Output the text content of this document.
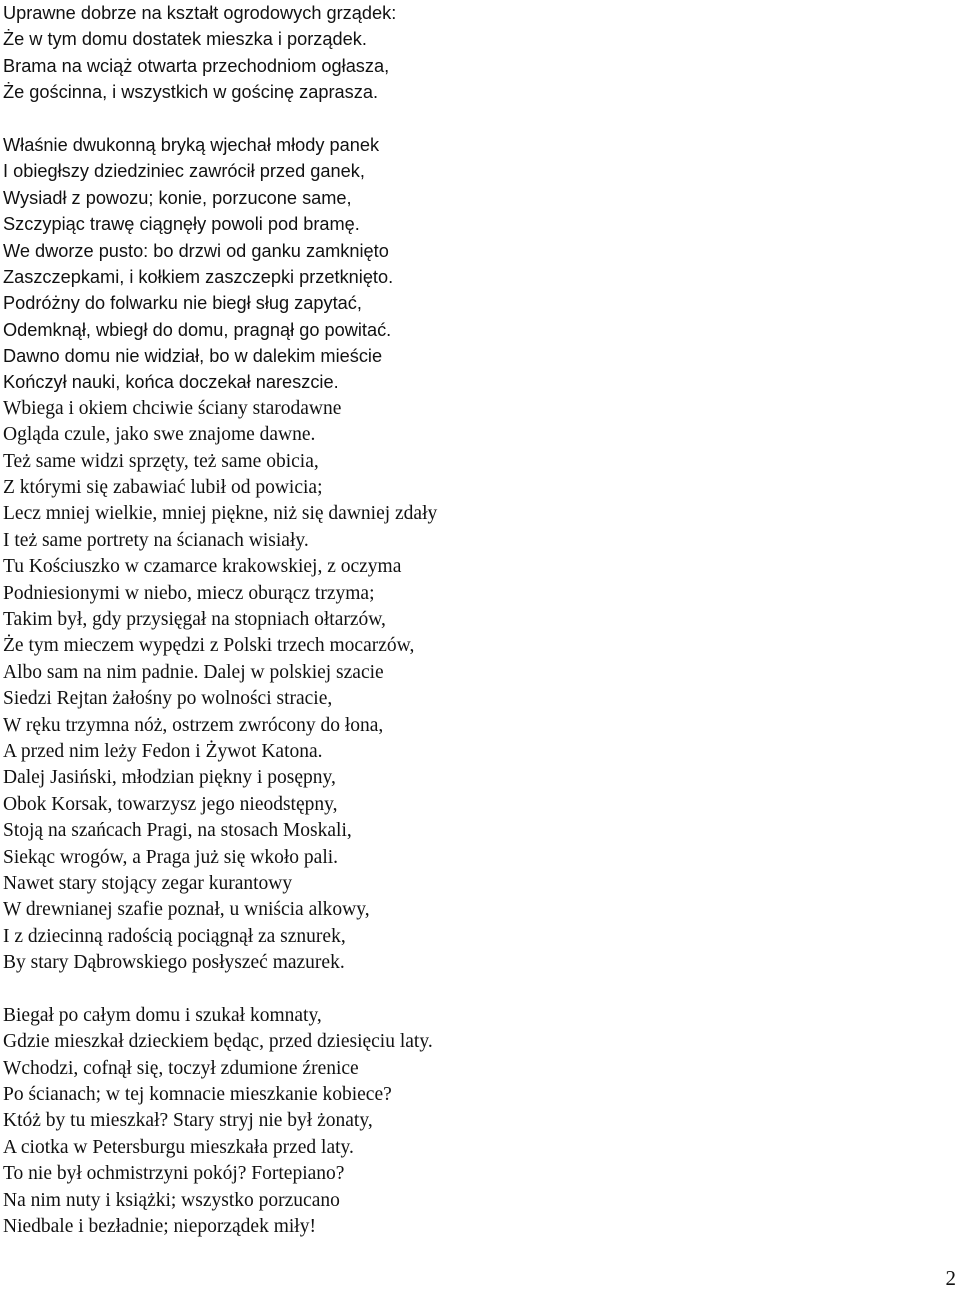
Uprawne dobrze na kształt ogrodowych grządek:
Że w tym domu dostatek mieszka i porządek.
Brama na wciąż otwarta przechodniom ogłasza,
Że gościnna, i wszystkich w gościnę zaprasza.
Właśnie dwukonną bryką wjechał młody panek
I obiegłszy dziedziniec zawrócił przed ganek,
Wysiadł z powozu; konie, porzucone same,
Szczypiąc trawę ciągnęły powoli pod bramę.
We dworze pusto: bo drzwi od ganku zamknięto
Zaszczepkami, i kołkiem zaszczepki przetknięto.
Podróżny do folwarku nie biegł sług zapytać,
Odemknął, wbiegł do domu, pragnął go powitać.
Dawno domu nie widział, bo w dalekim mieście
Kończył nauki, końca doczekał nareszcie.
Wbiega i okiem chciwie ściany starodawne
Ogląda czule, jako swe znajome dawne.
Też same widzi sprzęty, też same obicia,
Z którymi się zabawiać lubił od powicia;
Lecz mniej wielkie, mniej piękne, niż się dawniej zdały
I też same portrety na ścianach wisiały.
Tu Kościuszko w czamarce krakowskiej, z oczyma
Podniesionymi w niebo, miecz oburącz trzyma;
Takim był, gdy przysięgał na stopniach ołtarzów,
Że tym mieczem wypędzi z Polski trzech mocarzów,
Albo sam na nim padnie. Dalej w polskiej szacie
Siedzi Rejtan żałośny po wolności stracie,
W ręku trzymna nóż, ostrzem zwrócony do łona,
A przed nim leży Fedon i Żywot Katona.
Dalej Jasiński, młodzian piękny i posępny,
Obok Korsak, towarzysz jego nieodstępny,
Stoją na szańcach Pragi, na stosach Moskali,
Siekąc wrogów, a Praga już się wkoło pali.
Nawet stary stojący zegar kurantowy
W drewnianej szafie poznał, u wniścia alkowy,
I z dziecinną radością pociągnął za sznurek,
By stary Dąbrowskiego posłyszeć mazurek.
Biegał po całym domu i szukał komnaty,
Gdzie mieszkał dzieckiem będąc, przed dziesięciu laty.
Wchodzi, cofnął się, toczył zdumione źrenice
Po ścianach; w tej komnacie mieszkanie kobiece?
Któż by tu mieszkał? Stary stryj nie był żonaty,
A ciotka w Petersburgu mieszkała przed laty.
To nie był ochmistrzyni pokój? Fortepiano?
Na nim nuty i książki; wszystko porzucano
Niedbale i bezładnie; nieporządek miły!
2
